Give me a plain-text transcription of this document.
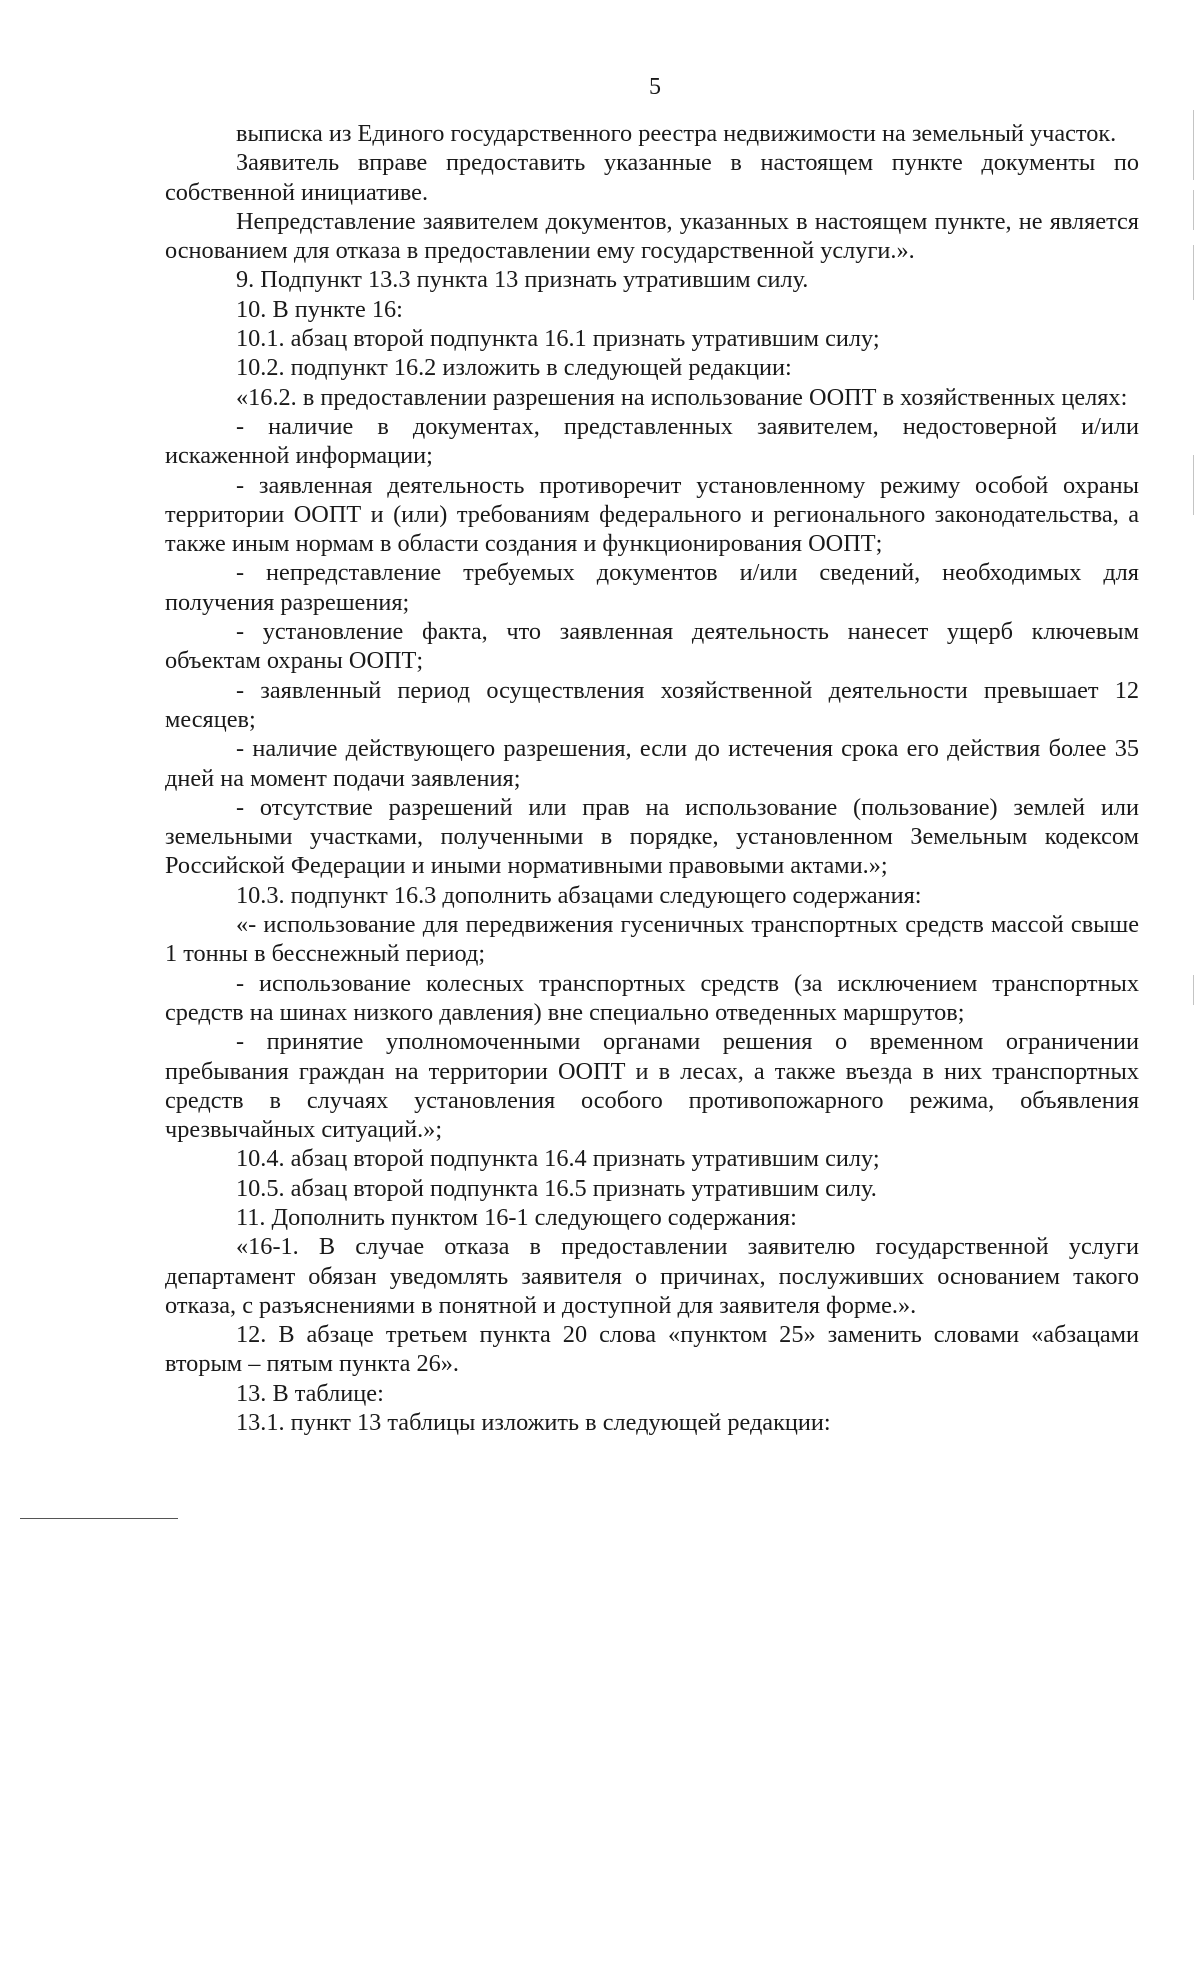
5

выписка из Единого государственного реестра недвижимости на земельный участок.

Заявитель вправе предоставить указанные в настоящем пункте документы по собственной инициативе.

Непредставление заявителем документов, указанных в настоящем пункте, не является основанием для отказа в предоставлении ему государственной услуги.».

9. Подпункт 13.3 пункта 13 признать утратившим силу.

10. В пункте 16:

10.1. абзац второй подпункта 16.1 признать утратившим силу;

10.2. подпункт 16.2 изложить в следующей редакции:

«16.2. в предоставлении разрешения на использование ООПТ в хозяйственных целях:

- наличие в документах, представленных заявителем, недостоверной и/или искаженной информации;

- заявленная деятельность противоречит установленному режиму особой охраны территории ООПТ и (или) требованиям федерального и регионального законодательства, а также иным нормам в области создания и функционирования ООПТ;

- непредставление требуемых документов и/или сведений, необходимых для получения разрешения;

- установление факта, что заявленная деятельность нанесет ущерб ключевым объектам охраны ООПТ;

- заявленный период осуществления хозяйственной деятельности превышает 12 месяцев;

- наличие действующего разрешения, если до истечения срока его действия более 35 дней на момент подачи заявления;

- отсутствие разрешений или прав на использование (пользование) землей или земельными участками, полученными в порядке, установленном Земельным кодексом Российской Федерации и иными нормативными правовыми актами.»;

10.3. подпункт 16.3 дополнить абзацами следующего содержания:

«- использование для передвижения гусеничных транспортных средств массой свыше 1 тонны в бесснежный период;

- использование колесных транспортных средств (за исключением транспортных средств на шинах низкого давления) вне специально отведенных маршрутов;

- принятие уполномоченными органами решения о временном ограничении пребывания граждан на территории ООПТ и в лесах, а также въезда в них транспортных средств в случаях установления особого противопожарного режима, объявления чрезвычайных ситуаций.»;

10.4. абзац второй подпункта 16.4 признать утратившим силу;

10.5. абзац второй подпункта 16.5 признать утратившим силу.

11. Дополнить пунктом 16-1 следующего содержания:

«16-1. В случае отказа в предоставлении заявителю государственной услуги департамент обязан уведомлять заявителя о причинах, послуживших основанием такого отказа, с разъяснениями в понятной и доступной для заявителя форме.».

12. В абзаце третьем пункта 20 слова «пунктом 25» заменить словами «абзацами вторым – пятым пункта 26».

13. В таблице:

13.1. пункт 13 таблицы изложить в следующей редакции:
